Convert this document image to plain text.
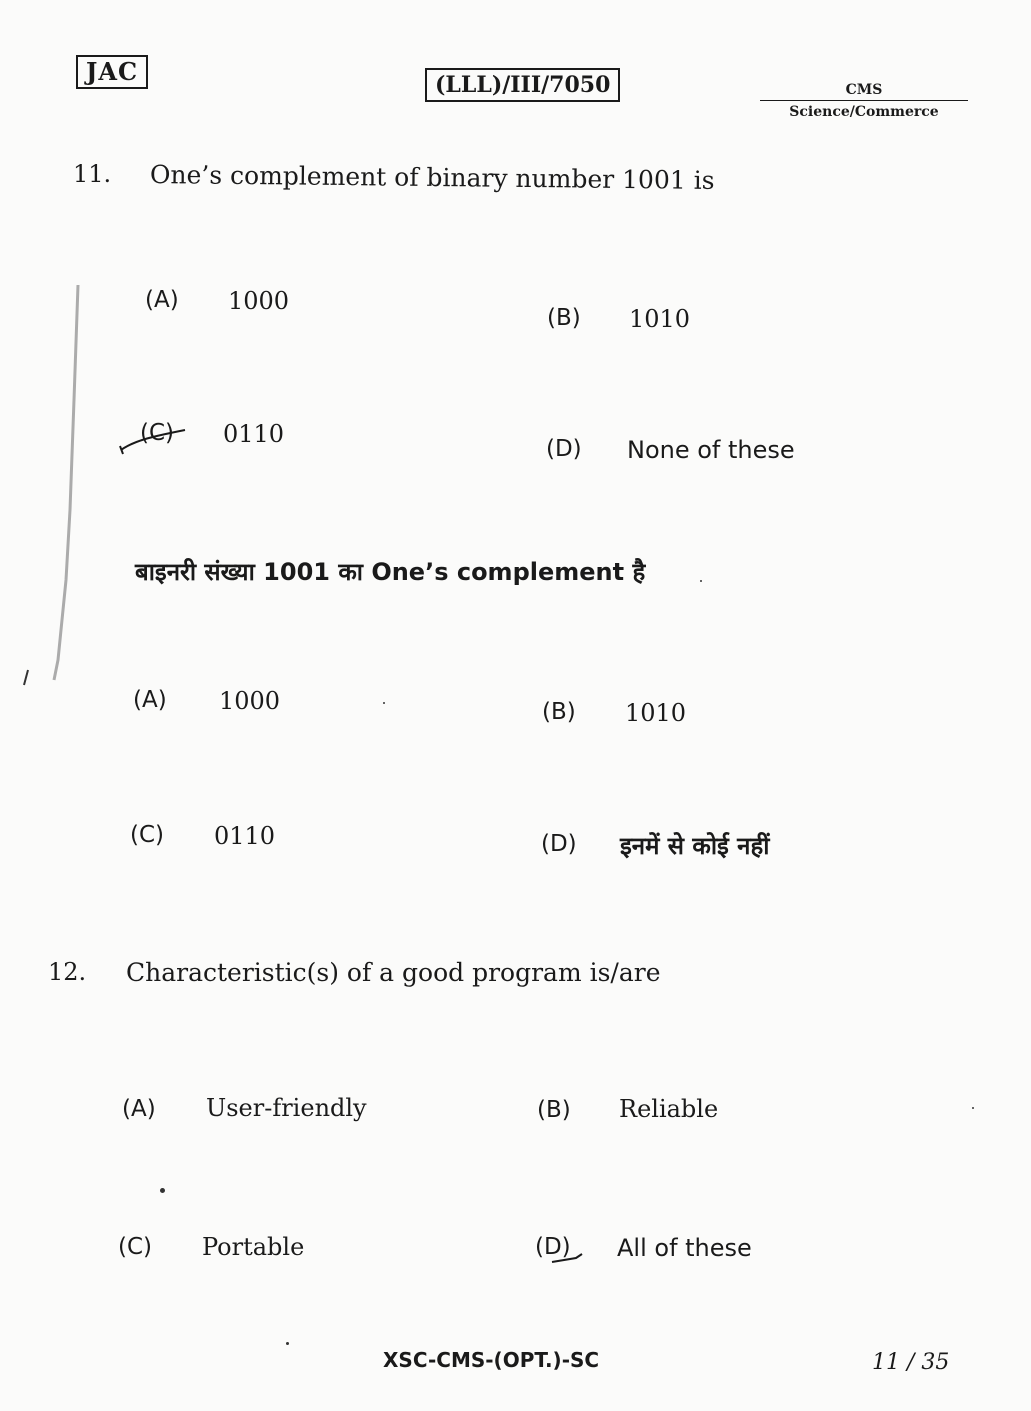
JAC	(LLL)/III/7050	CMS
Science/Commerce
11. One’s complement of binary number 1001 is
(A) 1000
(B) 1010
(C) 0110
(D) None of these
बाइनरी संख्या 1001 का One’s complement है
(A) 1000	(B) 1010
(C) 0110	(D) इनमें से कोई नहीं
12. Characteristic(s) of a good program is/are
(A) User-friendly	(B) Reliable
(C) Portable	(D) All of these
XSC-CMS-(OPT.)-SC	11 / 35
